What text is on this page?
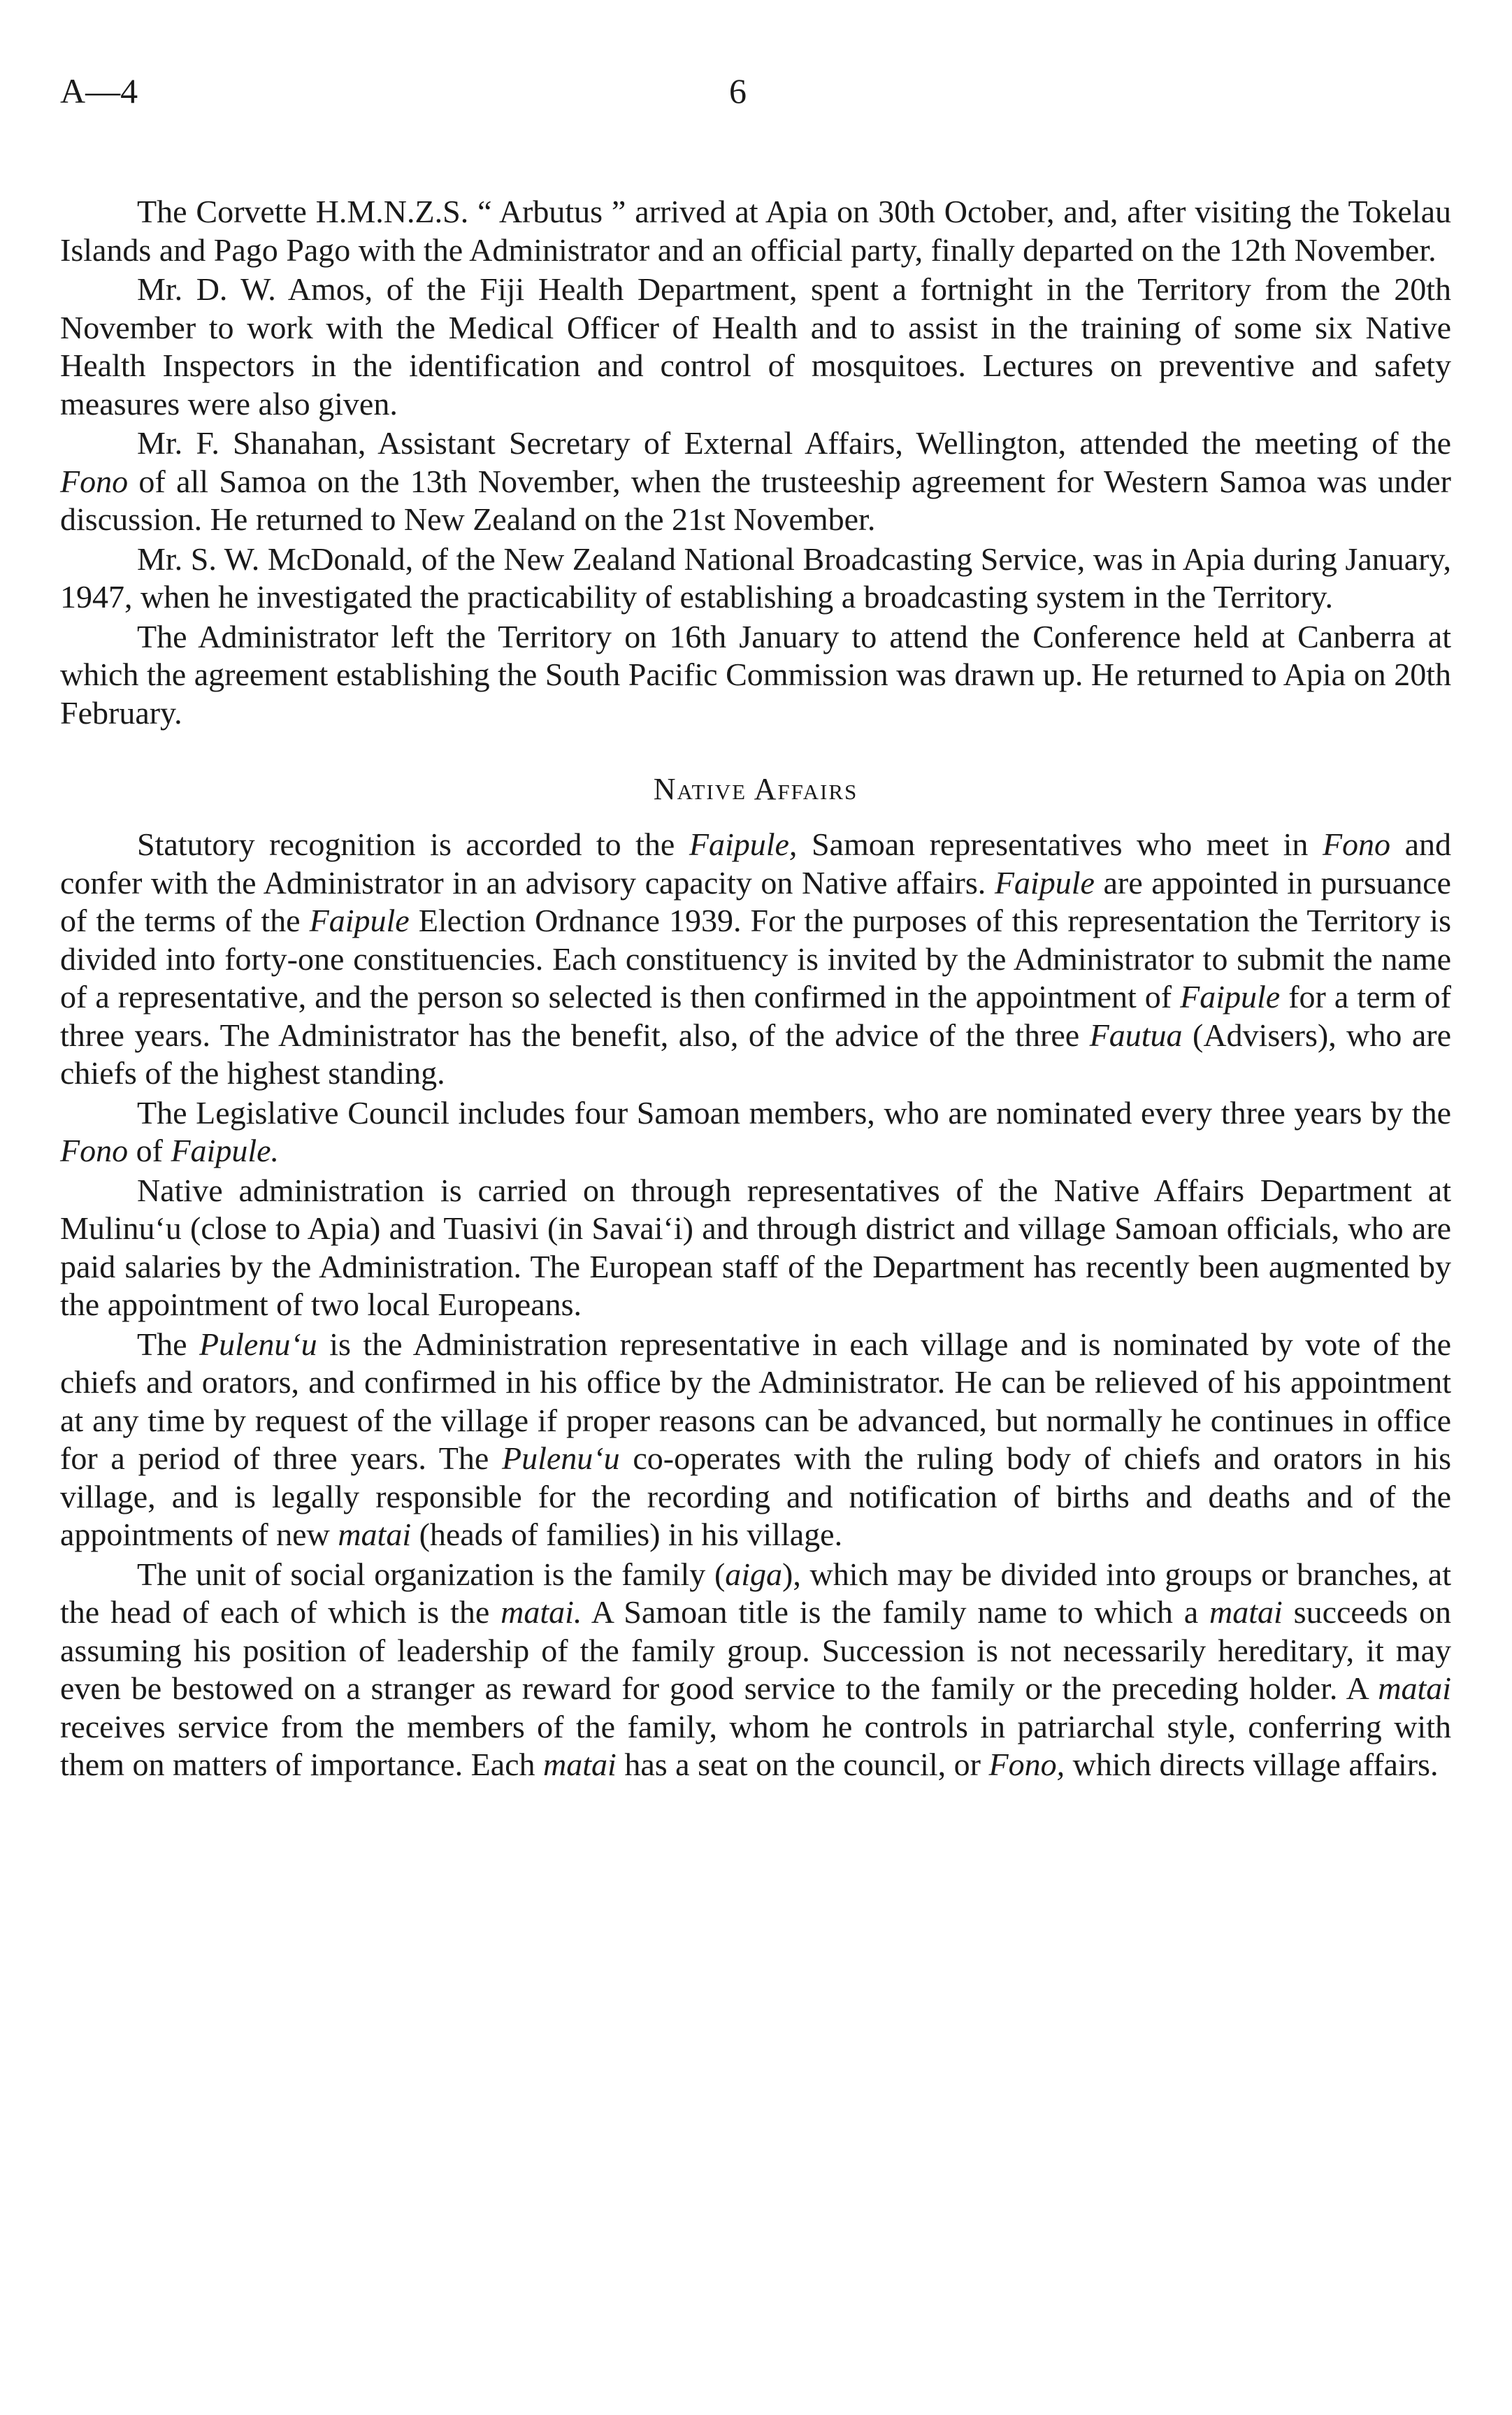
A—4	6

The Corvette H.M.N.Z.S. “ Arbutus ” arrived at Apia on 30th October, and, after visiting the Tokelau Islands and Pago Pago with the Administrator and an official party, finally departed on the 12th November.

Mr. D. W. Amos, of the Fiji Health Department, spent a fortnight in the Territory from the 20th November to work with the Medical Officer of Health and to assist in the training of some six Native Health Inspectors in the identification and control of mosquitoes. Lectures on preventive and safety measures were also given.

Mr. F. Shanahan, Assistant Secretary of External Affairs, Wellington, attended the meeting of the Fono of all Samoa on the 13th November, when the trusteeship agreement for Western Samoa was under discussion. He returned to New Zealand on the 21st November.

Mr. S. W. McDonald, of the New Zealand National Broadcasting Service, was in Apia during January, 1947, when he investigated the practicability of establishing a broadcasting system in the Territory.

The Administrator left the Territory on 16th January to attend the Conference held at Canberra at which the agreement establishing the South Pacific Commission was drawn up. He returned to Apia on 20th February.

Native Affairs

Statutory recognition is accorded to the Faipule, Samoan representatives who meet in Fono and confer with the Administrator in an advisory capacity on Native affairs. Faipule are appointed in pursuance of the terms of the Faipule Election Ordnance 1939. For the purposes of this representation the Territory is divided into forty-one constituencies. Each constituency is invited by the Administrator to submit the name of a representative, and the person so selected is then confirmed in the appointment of Faipule for a term of three years. The Administrator has the benefit, also, of the advice of the three Fautua (Advisers), who are chiefs of the highest standing.

The Legislative Council includes four Samoan members, who are nominated every three years by the Fono of Faipule.

Native administration is carried on through representatives of the Native Affairs Department at Mulinu‘u (close to Apia) and Tuasivi (in Savai‘i) and through district and village Samoan officials, who are paid salaries by the Administration. The European staff of the Department has recently been augmented by the appointment of two local Europeans.

The Pulenu‘u is the Administration representative in each village and is nominated by vote of the chiefs and orators, and confirmed in his office by the Administrator. He can be relieved of his appointment at any time by request of the village if proper reasons can be advanced, but normally he continues in office for a period of three years. The Pulenu‘u co-operates with the ruling body of chiefs and orators in his village, and is legally responsible for the recording and notification of births and deaths and of the appointments of new matai (heads of families) in his village.

The unit of social organization is the family (aiga), which may be divided into groups or branches, at the head of each of which is the matai. A Samoan title is the family name to which a matai succeeds on assuming his position of leadership of the family group. Succession is not necessarily hereditary, it may even be bestowed on a stranger as reward for good service to the family or the preceding holder. A matai receives service from the members of the family, whom he controls in patriarchal style, conferring with them on matters of importance. Each matai has a seat on the council, or Fono, which directs village affairs.
